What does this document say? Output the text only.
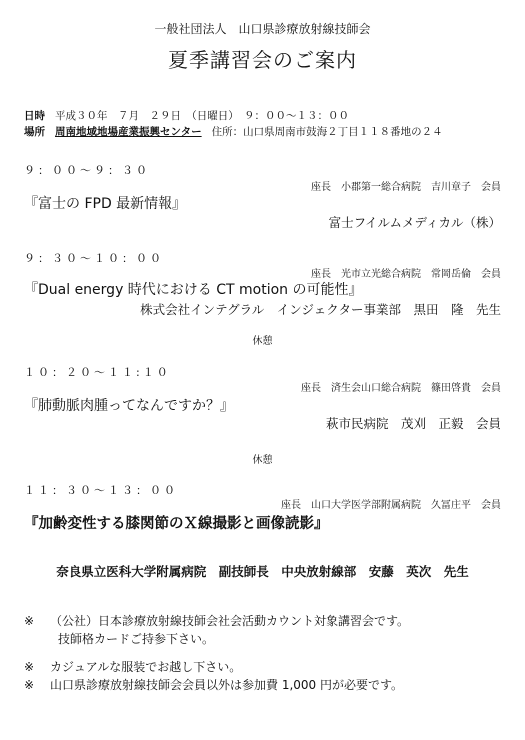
一般社団法人　山口県診療放射線技師会
夏季講習会のご案内
日時 平成３０年　７月　２９日　（日曜日）　９：００～１３：００
場所 周南地域地場産業振興センター 住所：山口県周南市鼓海２丁目１１８番地の２４
９：００～９：３０
座長　小郡第一総合病院　吉川章子　会員
『富士の FPD 最新情報』
富士フイルムメディカル（株）
９：３０～１０：００
座長　光市立光総合病院　常岡岳倫　会員
『Dual energy 時代における CT motion の可能性』
株式会社インテグラル　インジェクター事業部　黒田　隆　先生
休憩
１０：２０～１１:１０
座長　済生会山口総合病院　篠田啓貴　会員
『肺動脈肉腫ってなんですか？』
萩市民病院　茂刈　正毅　会員
休憩
１１：３０～１３：００
座長　山口大学医学部附属病院　久冨庄平　会員
『加齢変性する膝関節のＸ線撮影と画像読影』
奈良県立医科大学附属病院　副技師長　中央放射線部　安藤　英次　先生
※ （公社）日本診療放射線技師会社会活動カウント対象講習会です。
技師格カードご持参下さい。
※ カジュアルな服装でお越し下さい。
※ 山口県診療放射線技師会会員以外は参加費 1,000 円が必要です。
